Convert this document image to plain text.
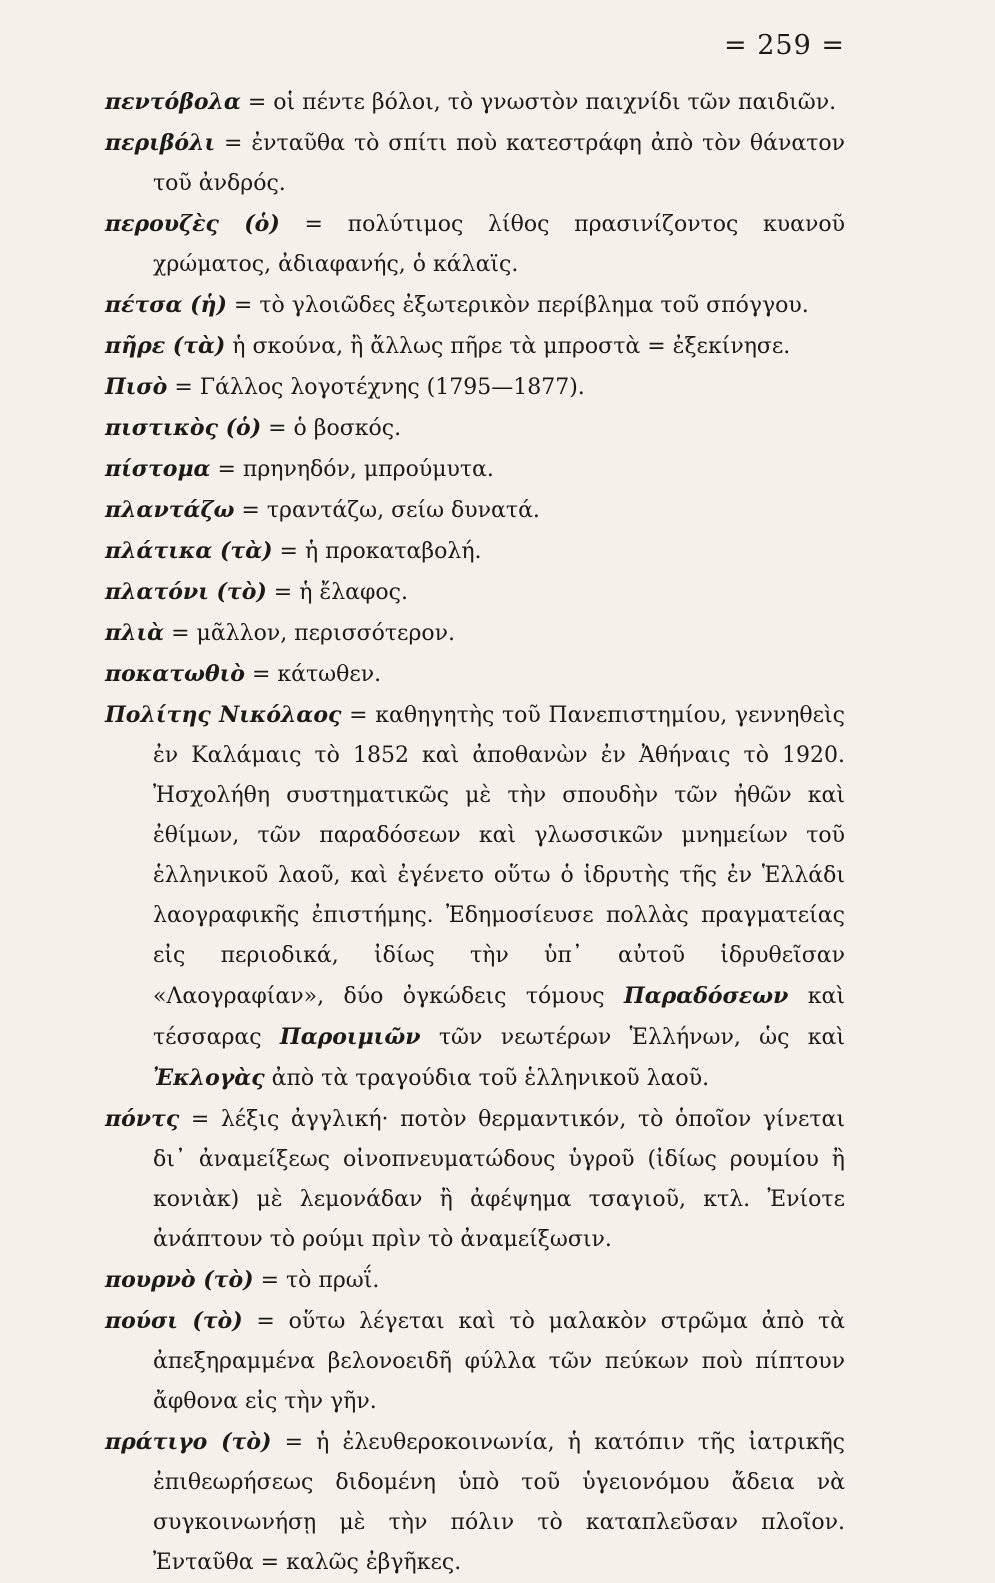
= 259 =

πεντόβολα = οἱ πέντε βόλοι, τὸ γνωστὸν παιχνίδι τῶν παιδιῶν.

περιβόλι = ἐνταῦθα τὸ σπίτι ποὺ κατεστράφη ἀπὸ τὸν θάνατον τοῦ ἀνδρός.

περουζὲς (ὁ) = πολύτιμος λίθος πρασινίζοντος κυανοῦ χρώματος, ἀδιαφανής, ὁ κάλαϊς.

πέτσα (ἡ) = τὸ γλοιῶδες ἐξωτερικὸν περίβλημα τοῦ σπόγγου.

πῆρε (τὰ) ἡ σκούνα, ἢ ἄλλως πῆρε τὰ μπροστὰ = ἐξεκίνησε.

Πισὸ = Γάλλος λογοτέχνης (1795—1877).

πιστικὸς (ὁ) = ὁ βοσκός.

πίστομα = πρηνηδόν, μπρούμυτα.

πλαντάζω = τραντάζω, σείω δυνατά.

πλάτικα (τὰ) = ἡ προκαταβολή.

πλατόνι (τὸ) = ἡ ἔλαφος.

πλιὰ = μᾶλλον, περισσότερον.

ποκατωθιὸ = κάτωθεν.

Πολίτης Νικόλαος = καθηγητὴς τοῦ Πανεπιστημίου, γεννηθεὶς ἐν Καλάμαις τὸ 1852 καὶ ἀποθανὼν ἐν Ἀθήναις τὸ 1920. Ἠσχολήθη συστηματικῶς μὲ τὴν σπουδὴν τῶν ἠθῶν καὶ ἐθίμων, τῶν παραδόσεων καὶ γλωσσικῶν μνημείων τοῦ ἑλληνικοῦ λαοῦ, καὶ ἐγένετο οὕτω ὁ ἱδρυτὴς τῆς ἐν Ἑλλάδι λαογραφικῆς ἐπιστήμης. Ἐδημοσίευσε πολλὰς πραγματείας εἰς περιοδικά, ἰδίως τὴν ὑπ᾽ αὐτοῦ ἱδρυθεῖσαν «Λαογραφίαν», δύο ὀγκώδεις τόμους Παραδόσεων καὶ τέσσαρας Παροιμιῶν τῶν νεωτέρων Ἑλλήνων, ὡς καὶ Ἐκλογὰς ἀπὸ τὰ τραγούδια τοῦ ἑλληνικοῦ λαοῦ.

πόντς = λέξις ἀγγλική· ποτὸν θερμαντικόν, τὸ ὁποῖον γίνεται δι᾽ ἀναμείξεως οἰνοπνευματώδους ὑγροῦ (ἰδίως ρουμίου ἢ κονιὰκ) μὲ λεμονάδαν ἢ ἀφέψημα τσαγιοῦ, κτλ. Ἐνίοτε ἀνάπτουν τὸ ρούμι πρὶν τὸ ἀναμείξωσιν.

πουρνὸ (τὸ) = τὸ πρωΐ.

πούσι (τὸ) = οὕτω λέγεται καὶ τὸ μαλακὸν στρῶμα ἀπὸ τὰ ἀπεξηραμμένα βελονοειδῆ φύλλα τῶν πεύκων ποὺ πίπτουν ἄφθονα εἰς τὴν γῆν.

πράτιγο (τὸ) = ἡ ἐλευθεροκοινωνία, ἡ κατόπιν τῆς ἰατρικῆς ἐπιθεωρήσεως διδομένη ὑπὸ τοῦ ὑγειονόμου ἄδεια νὰ συγκοινωνήσῃ μὲ τὴν πόλιν τὸ καταπλεῦσαν πλοῖον. Ἐνταῦθα = καλῶς ἐβγῆκες.
